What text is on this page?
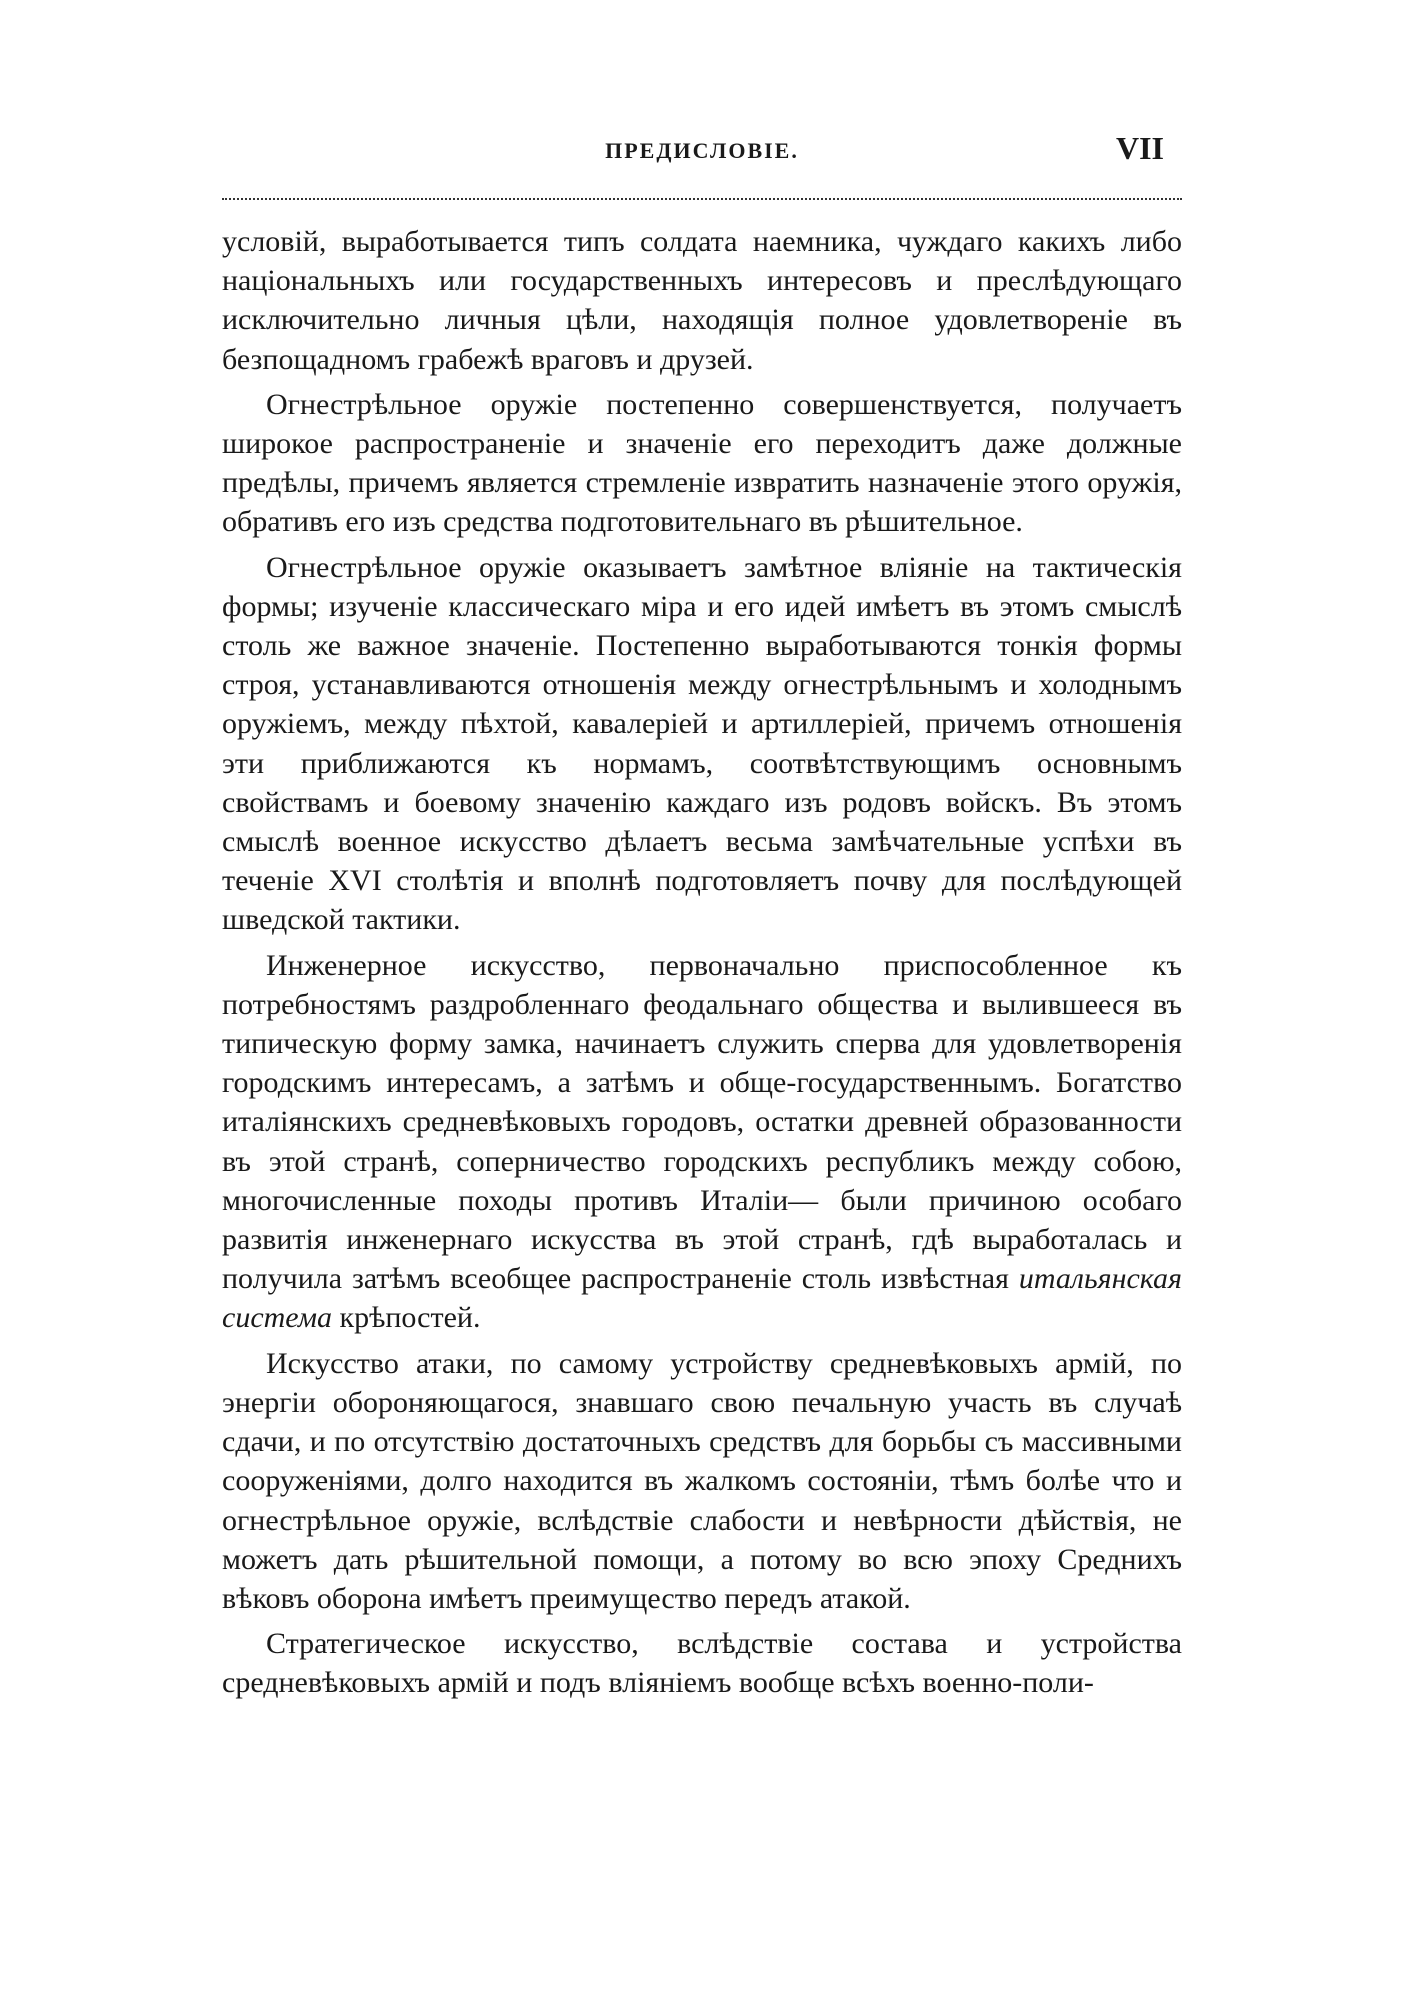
ПРЕДИСЛОВІЕ.	VII

условій, выработывается типъ солдата наемника, чуждаго какихъ либо національныхъ или государственныхъ интересовъ и преслѣдующаго исключительно личныя цѣли, находящія полное удовлетвореніе въ безпощадномъ грабежѣ враговъ и друзей.

Огнестрѣльное оружіе постепенно совершенствуется, получаетъ широкое распространеніе и значеніе его переходитъ даже должные предѣлы, причемъ является стремленіе извратить назначеніе этого оружія, обративъ его изъ средства подготовительнаго въ рѣшительное.

Огнестрѣльное оружіе оказываетъ замѣтное вліяніе на тактическія формы; изученіе классическаго міра и его идей имѣетъ въ этомъ смыслѣ столь же важное значеніе. Постепенно выработываются тонкія формы строя, устанавливаются отношенія между огнестрѣльнымъ и холоднымъ оружіемъ, между пѣхтой, кавалеріей и артиллеріей, причемъ отношенія эти приближаются къ нормамъ, соотвѣтствующимъ основнымъ свойствамъ и боевому значенію каждаго изъ родовъ войскъ. Въ этомъ смыслѣ военное искусство дѣлаетъ весьма замѣчательные успѣхи въ теченіе XVI столѣтія и вполнѣ подготовляетъ почву для послѣдующей шведской тактики.

Инженерное искусство, первоначально приспособленное къ потребностямъ раздробленнаго феодальнаго общества и вылившееся въ типическую форму замка, начинаетъ служить сперва для удовлетворенія городскимъ интересамъ, а затѣмъ и обще-государственнымъ. Богатство италіянскихъ средневѣковыхъ городовъ, остатки древней образованности въ этой странѣ, соперничество городскихъ республикъ между собою, многочисленные походы противъ Италіи— были причиною особаго развитія инженернаго искусства въ этой странѣ, гдѣ выработалась и получила затѣмъ всеобщее распространеніе столь извѣстная итальянская система крѣпостей.

Искусство атаки, по самому устройству средневѣковыхъ армій, по энергіи обороняющагося, знавшаго свою печальную участь въ случаѣ сдачи, и по отсутствію достаточныхъ средствъ для борьбы съ массивными сооруженіями, долго находится въ жалкомъ состояніи, тѣмъ болѣе что и огнестрѣльное оружіе, вслѣдствіе слабости и невѣрности дѣйствія, не можетъ дать рѣшительной помощи, а потому во всю эпоху Среднихъ вѣковъ оборона имѣетъ преимущество передъ атакой.

Стратегическое искусство, вслѣдствіе состава и устройства средневѣковыхъ армій и подъ вліяніемъ вообще всѣхъ военно-поли-
